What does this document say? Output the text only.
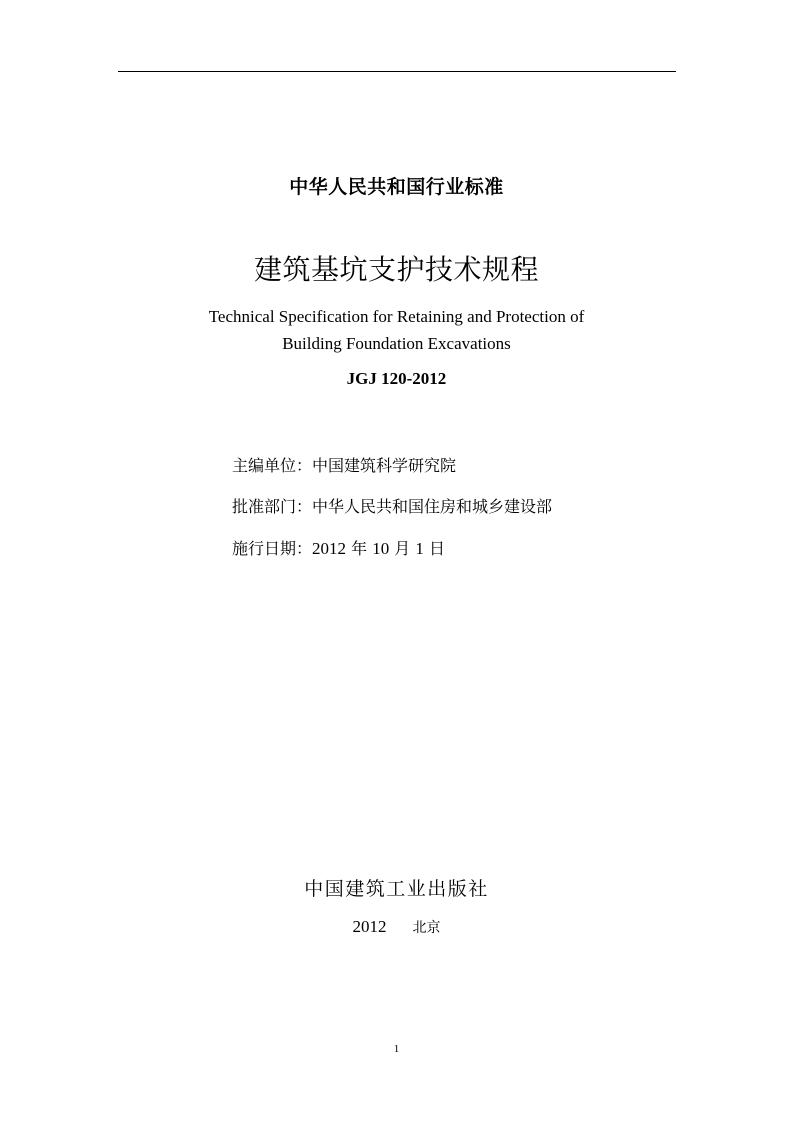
中华人民共和国行业标准
建筑基坑支护技术规程
Technical Specification for Retaining and Protection of
Building Foundation Excavations
JGJ 120-2012
主编单位：中国建筑科学研究院
批准部门：中华人民共和国住房和城乡建设部
施行日期：2012 年 10 月 1 日
中国建筑工业出版社
2012 北京
1
